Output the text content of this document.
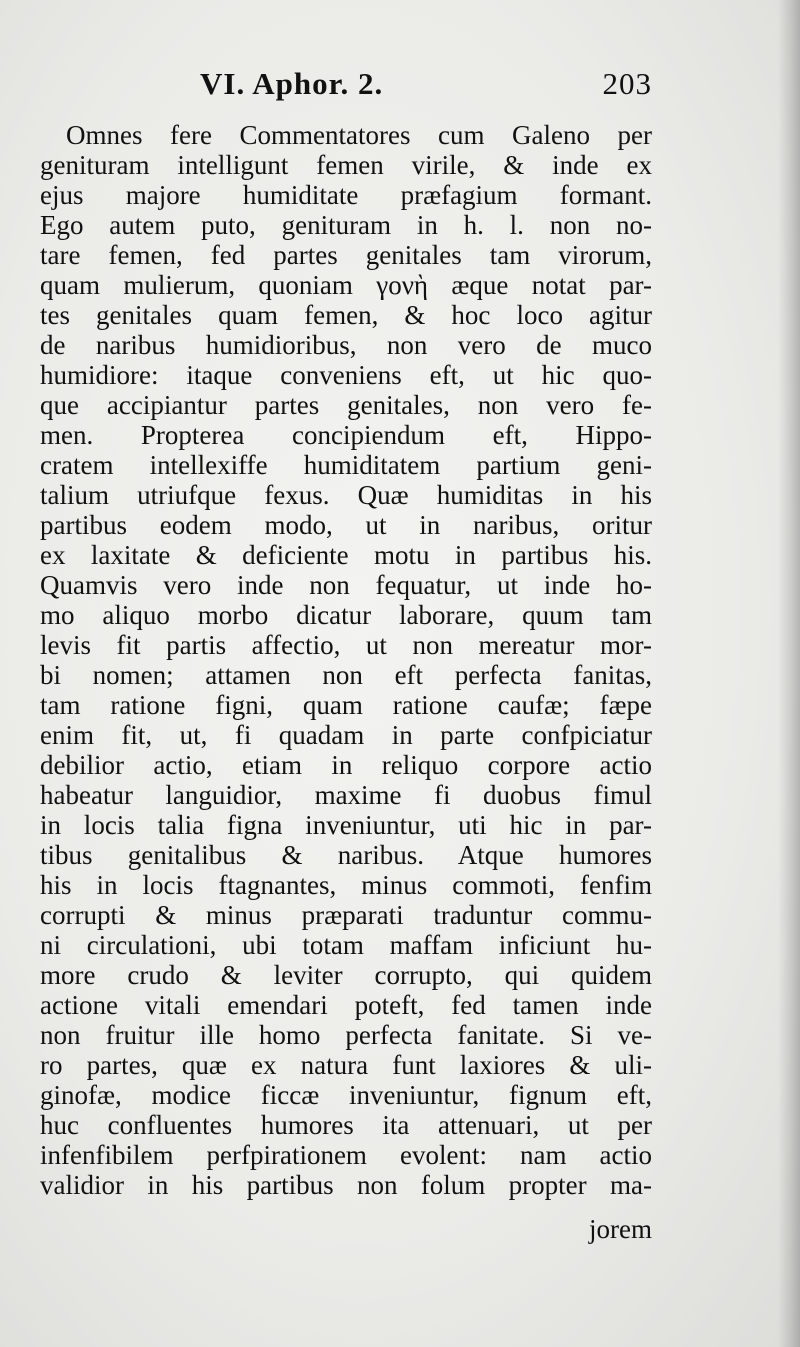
VI. Aphor. 2.	203
Omnes fere Commentatores cum Galeno per
genituram intelligunt femen virile, & inde ex
ejus majore humiditate præfagium formant.
Ego autem puto, genituram in h. l. non no-
tare femen, fed partes genitales tam virorum,
quam mulierum, quoniam γονὴ æque notat par-
tes genitales quam femen, & hoc loco agitur
de naribus humidioribus, non vero de muco
humidiore: itaque conveniens eft, ut hic quo-
que accipiantur partes genitales, non vero fe-
men. Propterea concipiendum eft, Hippo-
cratem intellexiffe humiditatem partium geni-
talium utriufque fexus. Quæ humiditas in his
partibus eodem modo, ut in naribus, oritur
ex laxitate & deficiente motu in partibus his.
Quamvis vero inde non fequatur, ut inde ho-
mo aliquo morbo dicatur laborare, quum tam
levis fit partis affectio, ut non mereatur mor-
bi nomen; attamen non eft perfecta fanitas,
tam ratione figni, quam ratione caufæ; fæpe
enim fit, ut, fi quadam in parte confpiciatur
debilior actio, etiam in reliquo corpore actio
habeatur languidior, maxime fi duobus fimul
in locis talia figna inveniuntur, uti hic in par-
tibus genitalibus & naribus. Atque humores
his in locis ftagnantes, minus commoti, fenfim
corrupti & minus præparati traduntur commu-
ni circulationi, ubi totam maffam inficiunt hu-
more crudo & leviter corrupto, qui quidem
actione vitali emendari poteft, fed tamen inde
non fruitur ille homo perfecta fanitate. Si ve-
ro partes, quæ ex natura funt laxiores & uli-
ginofæ, modice ficcæ inveniuntur, fignum eft,
huc confluentes humores ita attenuari, ut per
infenfibilem perfpirationem evolent: nam actio
validior in his partibus non folum propter ma-
jorem
